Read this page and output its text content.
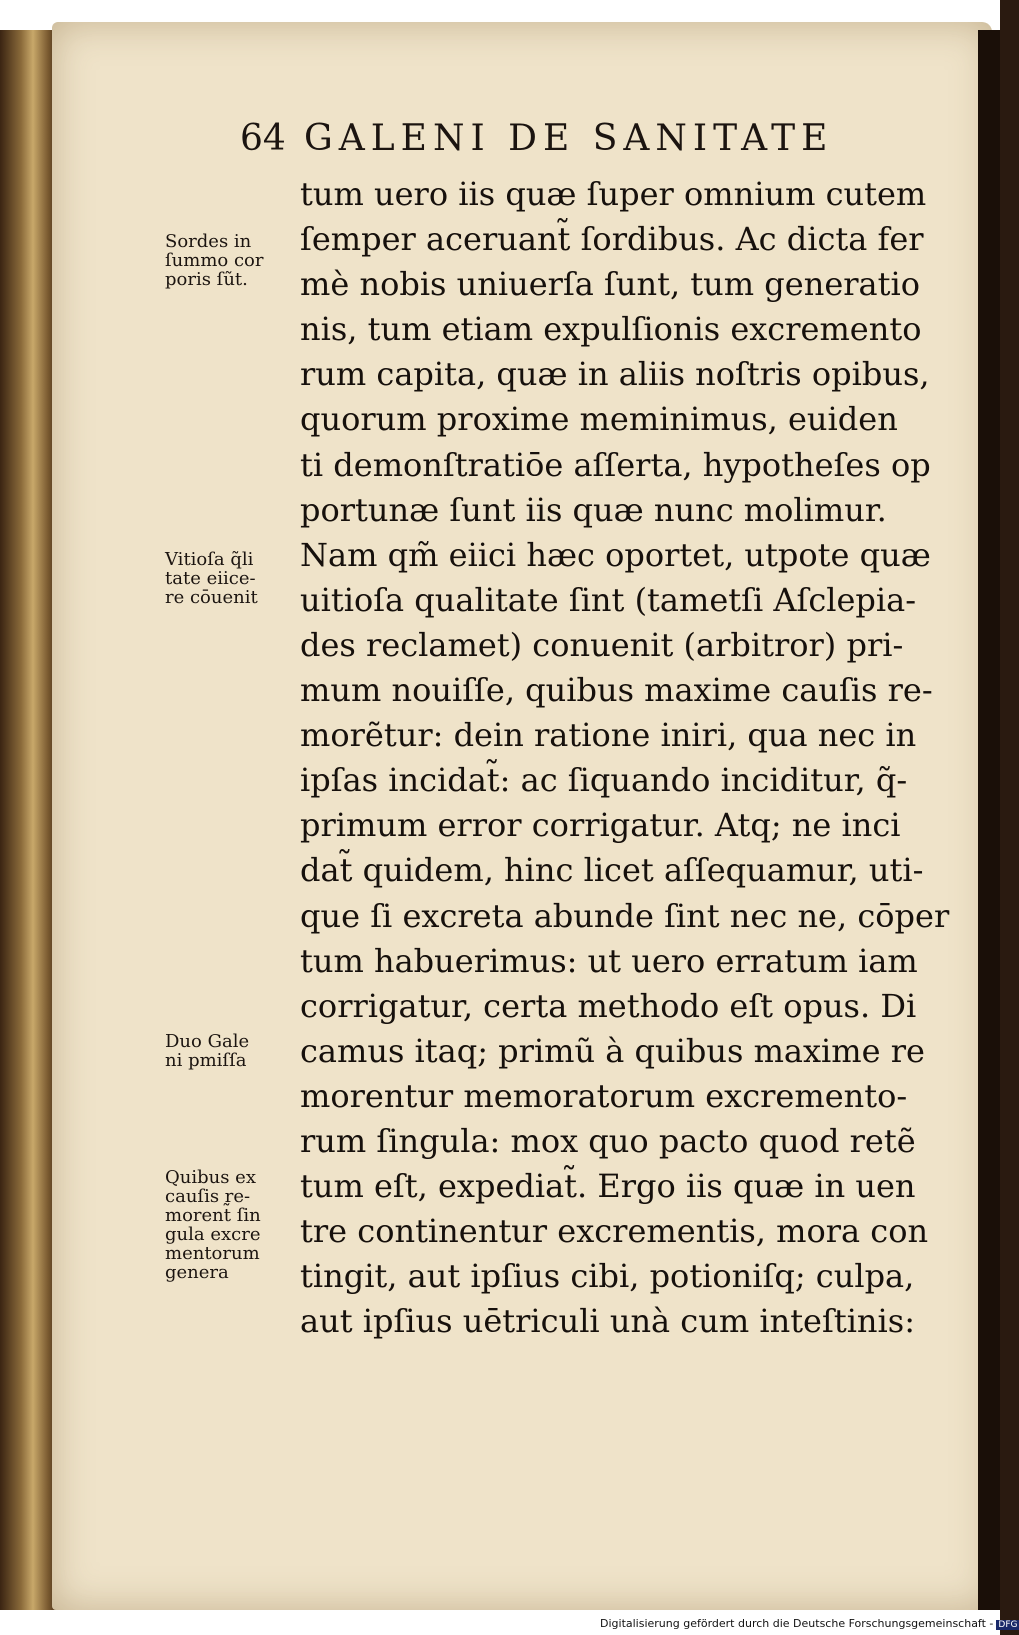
64 GALENI DE SANITATE
tum uero iis quæ ſuper omnium cutem
ſemper aceruant̃ ſordibus. Ac dicta fer
mè nobis uniuerſa ſunt, tum generatio
nis, tum etiam expulſionis excremento
rum capita, quæ in aliis noſtris opibus,
quorum proxime meminimus, euiden
ti demonſtratiōe aſſerta, hypotheſes op
portunæ ſunt iis quæ nunc molimur.
Nam qm̃ eiici hæc oportet, utpote quæ
uitioſa qualitate ſint (tametſi Aſclepia-
des reclamet) conuenit (arbitror) pri-
mum nouiſſe, quibus maxime cauſis re-
morẽtur: dein ratione iniri, qua nec in
ipſas incidat̃: ac ſiquando inciditur, q̃-
primum error corrigatur. Atq; ne inci
dat̃ quidem, hinc licet aſſequamur, uti-
que ſi excreta abunde ſint nec ne, cōper
tum habuerimus: ut uero erratum iam
corrigatur, certa methodo eſt opus. Di
camus itaq; primũ à quibus maxime re
morentur memoratorum excremento-
rum ſingula: mox quo pacto quod retẽ
tum eſt, expediat̃. Ergo iis quæ in uen
tre continentur excrementis, mora con
tingit, aut ipſius cibi, potioniſq; culpa,
aut ipſius uētriculi unà cum inteſtinis:
Sordes in
ſummo cor
poris ſũt.
Vitioſa q̃li
tate eiice-
re cōuenit
Duo Gale
ni pmiſſa
Quibus ex
cauſis re-
morent̃ ſin
gula excre
mentorum
genera
Digitalisierung gefördert durch die Deutsche Forschungsgemeinschaft - DFG
